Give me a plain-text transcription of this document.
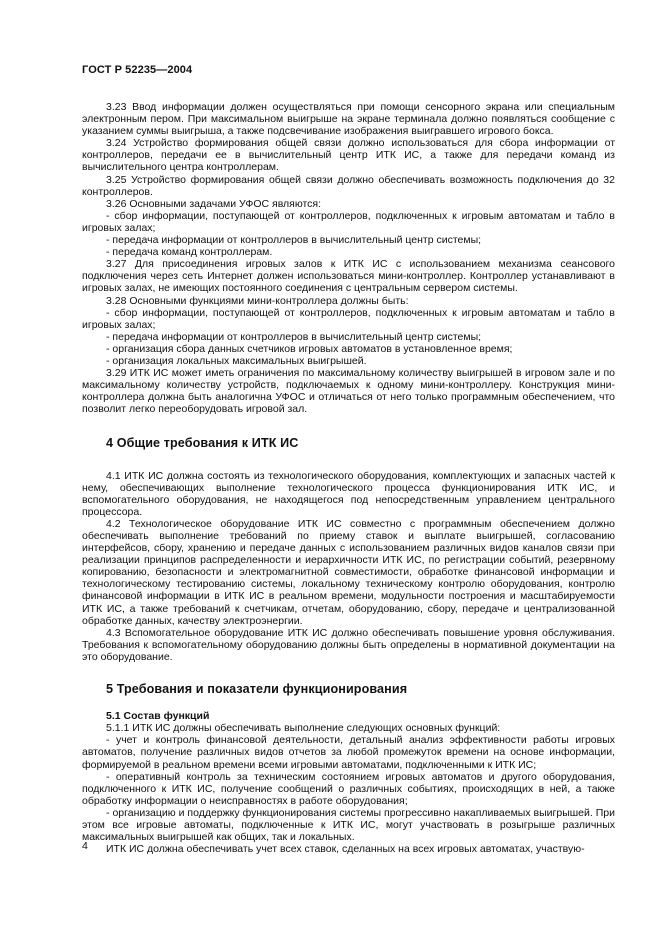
ГОСТ Р 52235—2004

3.23 Ввод информации должен осуществляться при помощи сенсорного экрана или специальным электронным пером. При максимальном выигрыше на экране терминала должно появляться сообщение с указанием суммы выигрыша, а также подсвечивание изображения выигравшего игрового бокса.

3.24 Устройство формирования общей связи должно использоваться для сбора информации от контроллеров, передачи ее в вычислительный центр ИТК ИС, а также для передачи команд из вычислительного центра контроллерам.

3.25 Устройство формирования общей связи должно обеспечивать возможность подключения до 32 контроллеров.

3.26 Основными задачами УФОС являются:

- сбор информации, поступающей от контроллеров, подключенных к игровым автоматам и табло в игровых залах;

- передача информации от контроллеров в вычислительный центр системы;

- передача команд контроллерам.

3.27 Для присоединения игровых залов к ИТК ИС с использованием механизма сеансового подключения через сеть Интернет должен использоваться мини-контроллер. Контроллер устанавливают в игровых залах, не имеющих постоянного соединения с центральным сервером системы.

3.28 Основными функциями мини-контроллера должны быть:

- сбор информации, поступающей от контроллеров, подключенных к игровым автоматам и табло в игровых залах;

- передача информации от контроллеров в вычислительный центр системы;

- организация сбора данных счетчиков игровых автоматов в установленное время;

- организация локальных максимальных выигрышей.

3.29 ИТК ИС может иметь ограничения по максимальному количеству выигрышей в игровом зале и по максимальному количеству устройств, подключаемых к одному мини-контроллеру. Конструкция мини-контроллера должна быть аналогична УФОС и отличаться от него только программным обеспечением, что позволит легко переоборудовать игровой зал.

4 Общие требования к ИТК ИС

4.1 ИТК ИС должна состоять из технологического оборудования, комплектующих и запасных частей к нему, обеспечивающих выполнение технологического процесса функционирования ИТК ИС, и вспомогательного оборудования, не находящегося под непосредственным управлением центрального процессора.

4.2 Технологическое оборудование ИТК ИС совместно с программным обеспечением должно обеспечивать выполнение требований по приему ставок и выплате выигрышей, согласованию интерфейсов, сбору, хранению и передаче данных с использованием различных видов каналов связи при реализации принципов распределенности и иерархичности ИТК ИС, по регистрации событий, резервному копированию, безопасности и электромагнитной совместимости, обработке финансовой информации и технологическому тестированию системы, локальному техническому контролю оборудования, контролю финансовой информации в ИТК ИС в реальном времени, модульности построения и масштабируемости ИТК ИС, а также требований к счетчикам, отчетам, оборудованию, сбору, передаче и централизованной обработке данных, качеству электроэнергии.

4.3 Вспомогательное оборудование ИТК ИС должно обеспечивать повышение уровня обслуживания. Требования к вспомогательному оборудованию должны быть определены в нормативной документации на это оборудование.

5 Требования и показатели функционирования
5.1 Состав функций

5.1.1 ИТК ИС должны обеспечивать выполнение следующих основных функций:

- учет и контроль финансовой деятельности, детальный анализ эффективности работы игровых автоматов, получение различных видов отчетов за любой промежуток времени на основе информации, формируемой в реальном времени всеми игровыми автоматами, подключенными к ИТК ИС;

- оперативный контроль за техническим состоянием игровых автоматов и другого оборудования, подключенного к ИТК ИС, получение сообщений о различных событиях, происходящих в ней, а также обработку информации о неисправностях в работе оборудования;

- организацию и поддержку функционирования системы прогрессивно накапливаемых выигрышей. При этом все игровые автоматы, подключенные к ИТК ИС, могут участвовать в розыгрыше различных максимальных выигрышей как общих, так и локальных.

ИТК ИС должна обеспечивать учет всех ставок, сделанных на всех игровых автоматах, участвую-

4
